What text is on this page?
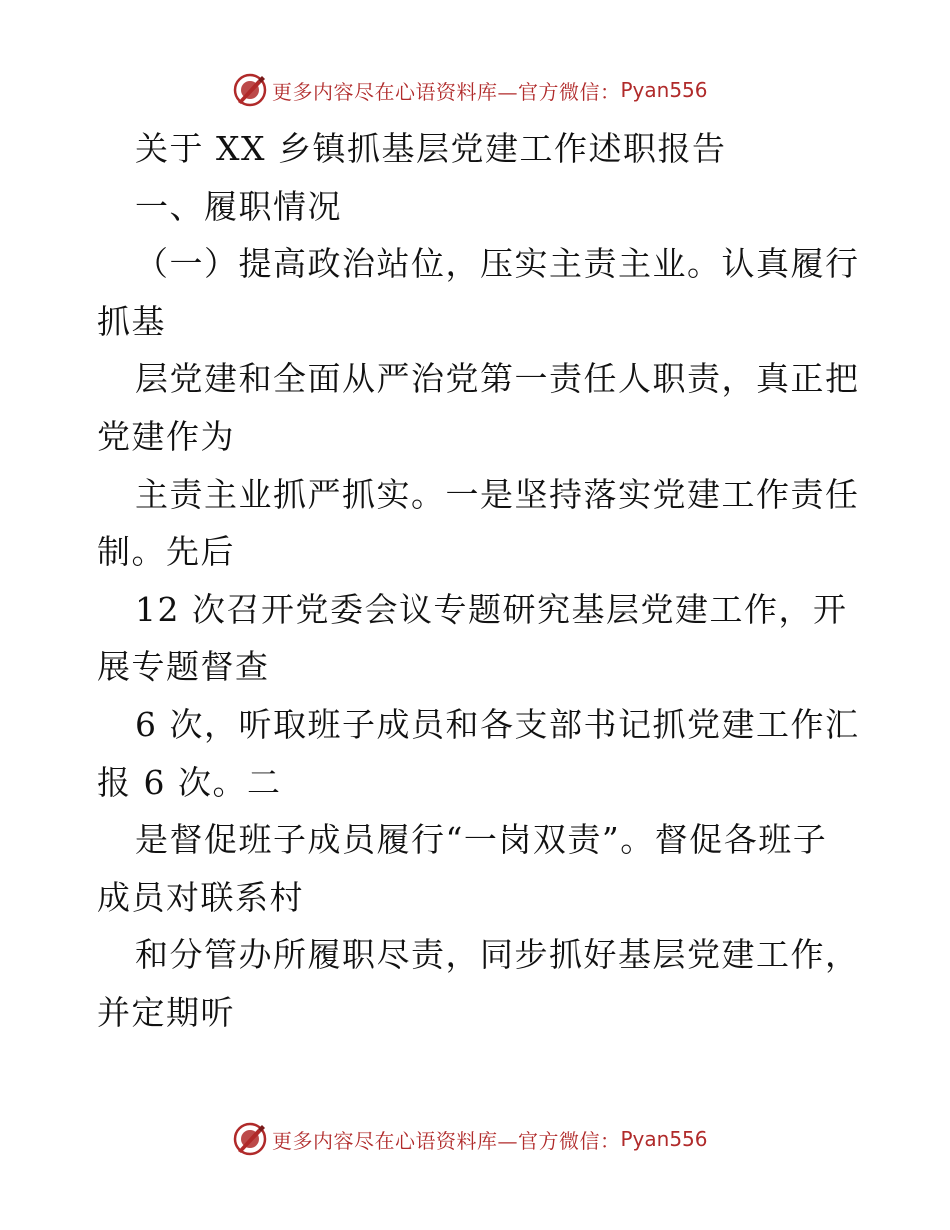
更多内容尽在心语资料库—官方微信： Pyan556
关于 XX 乡镇抓基层党建工作述职报告
一、履职情况
（一）提高政治站位，压实主责主业。认真履行
抓基
层党建和全面从严治党第一责任人职责，真正把
党建作为
主责主业抓严抓实。一是坚持落实党建工作责任
制。先后
12 次召开党委会议专题研究基层党建工作，开
展专题督查
6 次，听取班子成员和各支部书记抓党建工作汇
报 6 次。二
是督促班子成员履行“一岗双责”。督促各班子
成员对联系村
和分管办所履职尽责，同步抓好基层党建工作，
并定期听
更多内容尽在心语资料库—官方微信： Pyan556
